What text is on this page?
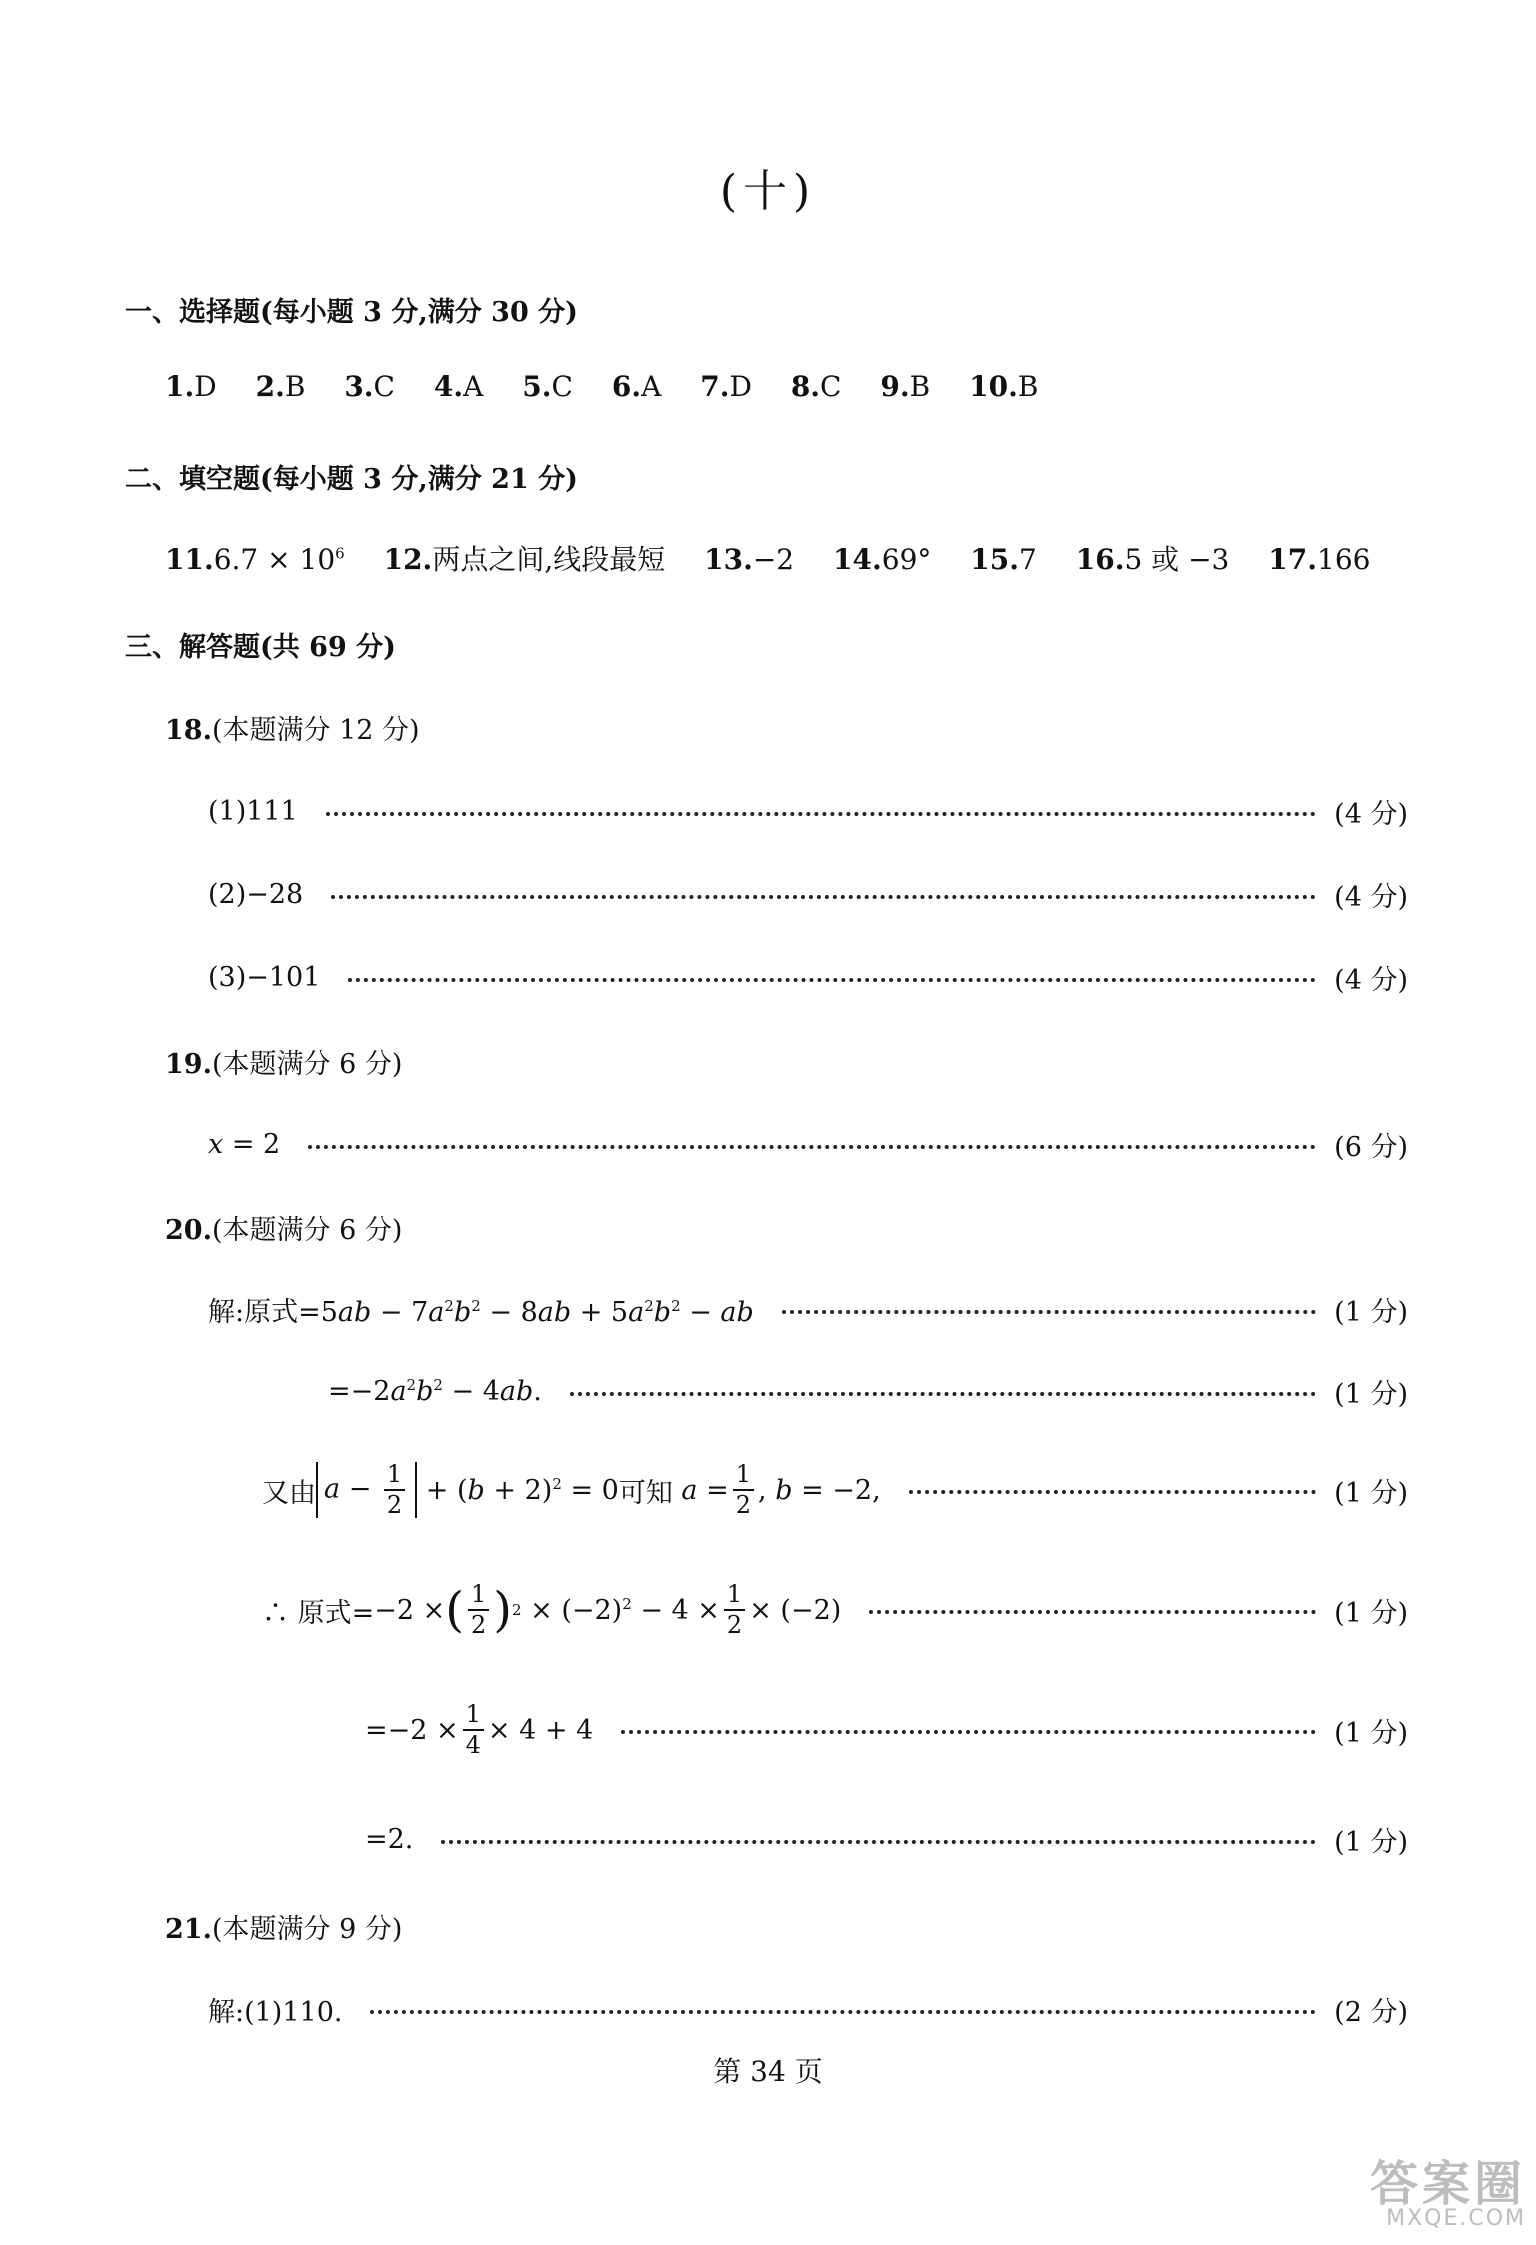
(十)
一、选择题(每小题 3 分,满分 30 分)
1.D 2.B 3.C 4.A 5.C 6.A 7.D 8.C 9.B 10.B
二、填空题(每小题 3 分,满分 21 分)
$11.6.7 \times 10^6$ 12.两点之间,线段最短 13.−2 14.69° 15.7 16.5 或 −3 17.166
三、解答题(共 69 分)
18.(本题满分 12 分)
(1)111	(4 分)
(2)−28	(4 分)
(3)−101	(4 分)
19.(本题满分 6 分)
x = 2	(6 分)
20.(本题满分 6 分)
解:原式$=5ab - 7a^2b^2 - 8ab + 5a^2b^2$ − ab	(1 分)
$=-2a^2b^2 - 4ab$.	(1 分)
又由 $a - \frac{1}{2} + (b + 2)^2 = 0$ 可知 $a = \frac{1}{2}$ , b = −2,	(1 分)
∴ 原式= −2 × ( $\frac{1}{2}$ ) $2 \times (-2)^2 - 4 \times \frac{1}{2} \times (-2)$	(1 分)
= $-2 \times \frac{1}{4} \times 4 + 4$	(1 分)
=2.	(1 分)
21.(本题满分 9 分)
解:(1)110.	(2 分)
第 34 页
答案圈
MXQE.COM
